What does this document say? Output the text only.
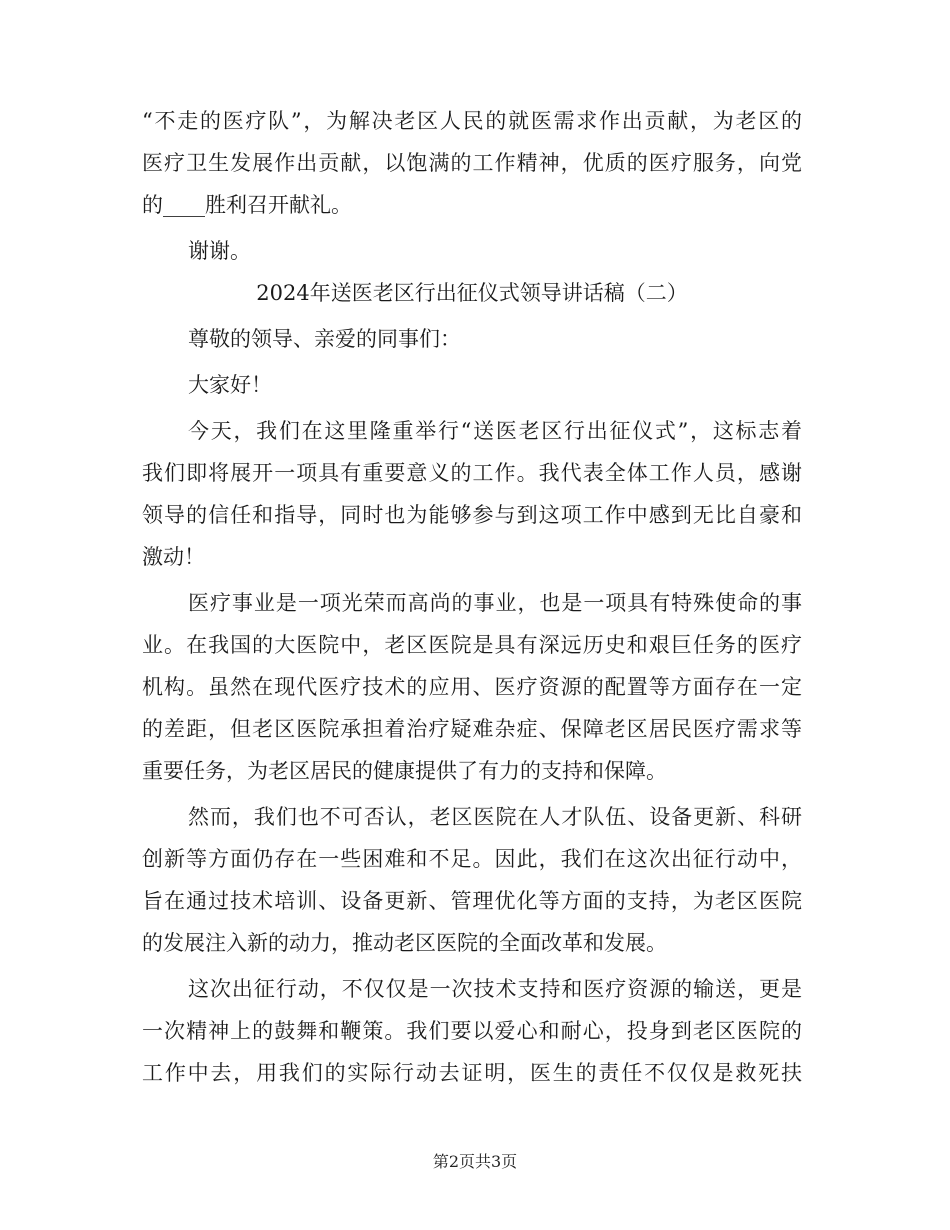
“不走的医疗队”，为解决老区人民的就医需求作出贡献，为老区的
医疗卫生发展作出贡献，以饱满的工作精神，优质的医疗服务，向党
的____胜利召开献礼。
谢谢。
2024年送医老区行出征仪式领导讲话稿（二）
尊敬的领导、亲爱的同事们：
大家好！
今天，我们在这里隆重举行“送医老区行出征仪式”，这标志着
我们即将展开一项具有重要意义的工作。我代表全体工作人员，感谢
领导的信任和指导，同时也为能够参与到这项工作中感到无比自豪和
激动！
医疗事业是一项光荣而高尚的事业，也是一项具有特殊使命的事
业。在我国的大医院中，老区医院是具有深远历史和艰巨任务的医疗
机构。虽然在现代医疗技术的应用、医疗资源的配置等方面存在一定
的差距，但老区医院承担着治疗疑难杂症、保障老区居民医疗需求等
重要任务，为老区居民的健康提供了有力的支持和保障。
然而，我们也不可否认，老区医院在人才队伍、设备更新、科研
创新等方面仍存在一些困难和不足。因此，我们在这次出征行动中，
旨在通过技术培训、设备更新、管理优化等方面的支持，为老区医院
的发展注入新的动力，推动老区医院的全面改革和发展。
这次出征行动，不仅仅是一次技术支持和医疗资源的输送，更是
一次精神上的鼓舞和鞭策。我们要以爱心和耐心，投身到老区医院的
工作中去，用我们的实际行动去证明，医生的责任不仅仅是救死扶
第2页共3页
